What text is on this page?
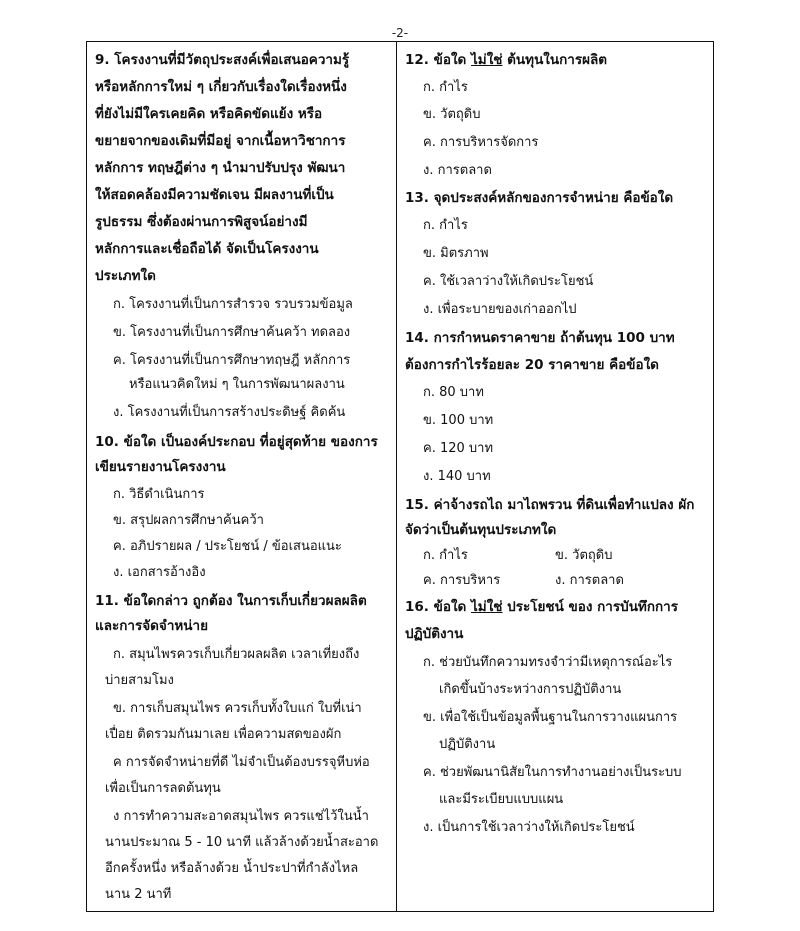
-2-
9. โครงงานที่มีวัตถุประสงค์เพื่อเสนอความรู้
หรือหลักการใหม่ ๆ เกี่ยวกับเรื่องใดเรื่องหนึ่ง
ที่ยังไม่มีใครเคยคิด หรือคิดขัดแย้ง หรือ
ขยายจากของเดิมที่มีอยู่ จากเนื้อหาวิชาการ
หลักการ ทฤษฎีต่าง ๆ นำมาปรับปรุง พัฒนา
ให้สอดคล้องมีความชัดเจน มีผลงานที่เป็น
รูปธรรม ซึ่งต้องผ่านการพิสูจน์อย่างมี
หลักการและเชื่อถือได้ จัดเป็นโครงงาน
ประเภทใด
ก. โครงงานที่เป็นการสำรวจ รวบรวมข้อมูล
ข. โครงงานที่เป็นการศึกษาค้นคว้า ทดลอง
ค. โครงงานที่เป็นการศึกษาทฤษฎี หลักการ
หรือแนวคิดใหม่ ๆ ในการพัฒนาผลงาน
ง. โครงงานที่เป็นการสร้างประดิษฐ์ คิดค้น
10. ข้อใด เป็นองค์ประกอบ ที่อยู่สุดท้าย ของการ
เขียนรายงานโครงงาน
ก. วิธีดำเนินการ
ข. สรุปผลการศึกษาค้นคว้า
ค. อภิปรายผล / ประโยชน์ / ข้อเสนอแนะ
ง. เอกสารอ้างอิง
11. ข้อใดกล่าว ถูกต้อง ในการเก็บเกี่ยวผลผลิต
และการจัดจำหน่าย
ก. สมุนไพรควรเก็บเกี่ยวผลผลิต เวลาเที่ยงถึง
บ่ายสามโมง
ข. การเก็บสมุนไพร ควรเก็บทั้งใบแก่ ใบที่เน่า
เปื่อย ติดรวมกันมาเลย เพื่อความสดของผัก
ค การจัดจำหน่ายที่ดี ไม่จำเป็นต้องบรรจุหีบห่อ
เพื่อเป็นการลดต้นทุน
ง การทำความสะอาดสมุนไพร ควรแช่ไว้ในน้ำ
นานประมาณ 5 - 10 นาที แล้วล้างด้วยน้ำสะอาด
อีกครั้งหนึ่ง หรือล้างด้วย น้ำประปาที่กำลังไหล
นาน 2 นาที
12. ข้อใด ไม่ใช่ ต้นทุนในการผลิต
ก. กำไร
ข. วัตถุดิบ
ค. การบริหารจัดการ
ง. การตลาด
13. จุดประสงค์หลักของการจำหน่าย คือข้อใด
ก. กำไร
ข. มิตรภาพ
ค. ใช้เวลาว่างให้เกิดประโยชน์
ง. เพื่อระบายของเก่าออกไป
14. การกำหนดราคาขาย ถ้าต้นทุน 100 บาท
ต้องการกำไรร้อยละ 20 ราคาขาย คือข้อใด
ก. 80 บาท
ข. 100 บาท
ค. 120 บาท
ง. 140 บาท
15. ค่าจ้างรถไถ มาไถพรวน ที่ดินเพื่อทำแปลง ผัก
จัดว่าเป็นต้นทุนประเภทใด
ก. กำไร	ข. วัตถุดิบ
ค. การบริหาร	ง. การตลาด
16. ข้อใด ไม่ใช่ ประโยชน์ ของ การบันทึกการ
ปฏิบัติงาน
ก. ช่วยบันทึกความทรงจำว่ามีเหตุการณ์อะไร
เกิดขึ้นบ้างระหว่างการปฏิบัติงาน
ข. เพื่อใช้เป็นข้อมูลพื้นฐานในการวางแผนการ
ปฏิบัติงาน
ค. ช่วยพัฒนานิสัยในการทำงานอย่างเป็นระบบ
และมีระเบียบแบบแผน
ง. เป็นการใช้เวลาว่างให้เกิดประโยชน์
